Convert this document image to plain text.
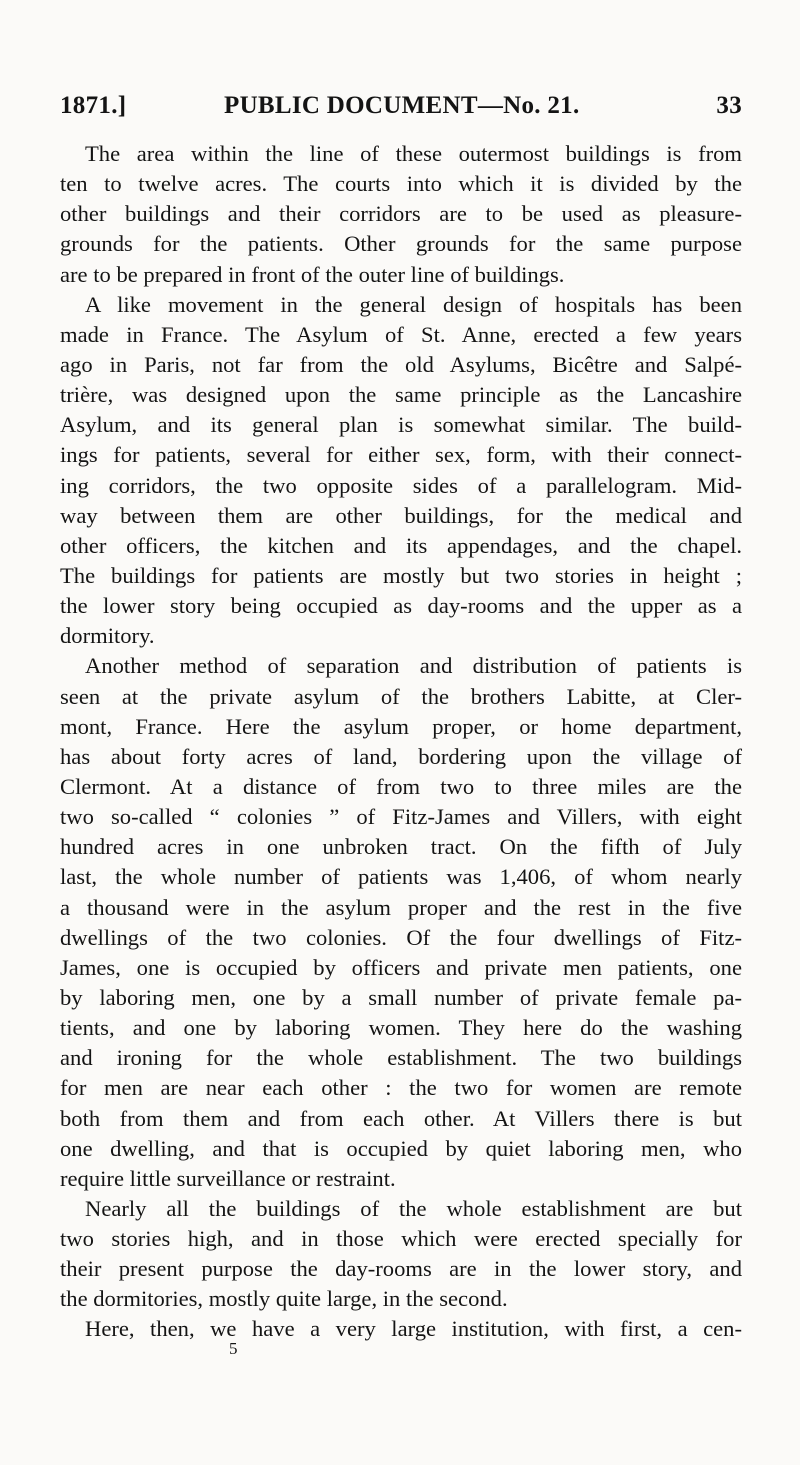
1871.]	PUBLIC DOCUMENT—No. 21.	33
The area within the line of these outermost buildings is from
ten to twelve acres. The courts into which it is divided by the
other buildings and their corridors are to be used as pleasure-
grounds for the patients. Other grounds for the same purpose
are to be prepared in front of the outer line of buildings.
A like movement in the general design of hospitals has been
made in France. The Asylum of St. Anne, erected a few years
ago in Paris, not far from the old Asylums, Bicêtre and Salpé-
trière, was designed upon the same principle as the Lancashire
Asylum, and its general plan is somewhat similar. The build-
ings for patients, several for either sex, form, with their connect-
ing corridors, the two opposite sides of a parallelogram. Mid-
way between them are other buildings, for the medical and
other officers, the kitchen and its appendages, and the chapel.
The buildings for patients are mostly but two stories in height ;
the lower story being occupied as day-rooms and the upper as a
dormitory.
Another method of separation and distribution of patients is
seen at the private asylum of the brothers Labitte, at Cler-
mont, France. Here the asylum proper, or home department,
has about forty acres of land, bordering upon the village of
Clermont. At a distance of from two to three miles are the
two so-called “ colonies ” of Fitz-James and Villers, with eight
hundred acres in one unbroken tract. On the fifth of July
last, the whole number of patients was 1,406, of whom nearly
a thousand were in the asylum proper and the rest in the five
dwellings of the two colonies. Of the four dwellings of Fitz-
James, one is occupied by officers and private men patients, one
by laboring men, one by a small number of private female pa-
tients, and one by laboring women. They here do the washing
and ironing for the whole establishment. The two buildings
for men are near each other : the two for women are remote
both from them and from each other. At Villers there is but
one dwelling, and that is occupied by quiet laboring men, who
require little surveillance or restraint.
Nearly all the buildings of the whole establishment are but
two stories high, and in those which were erected specially for
their present purpose the day-rooms are in the lower story, and
the dormitories, mostly quite large, in the second.
Here, then, we have a very large institution, with first, a cen-
5
